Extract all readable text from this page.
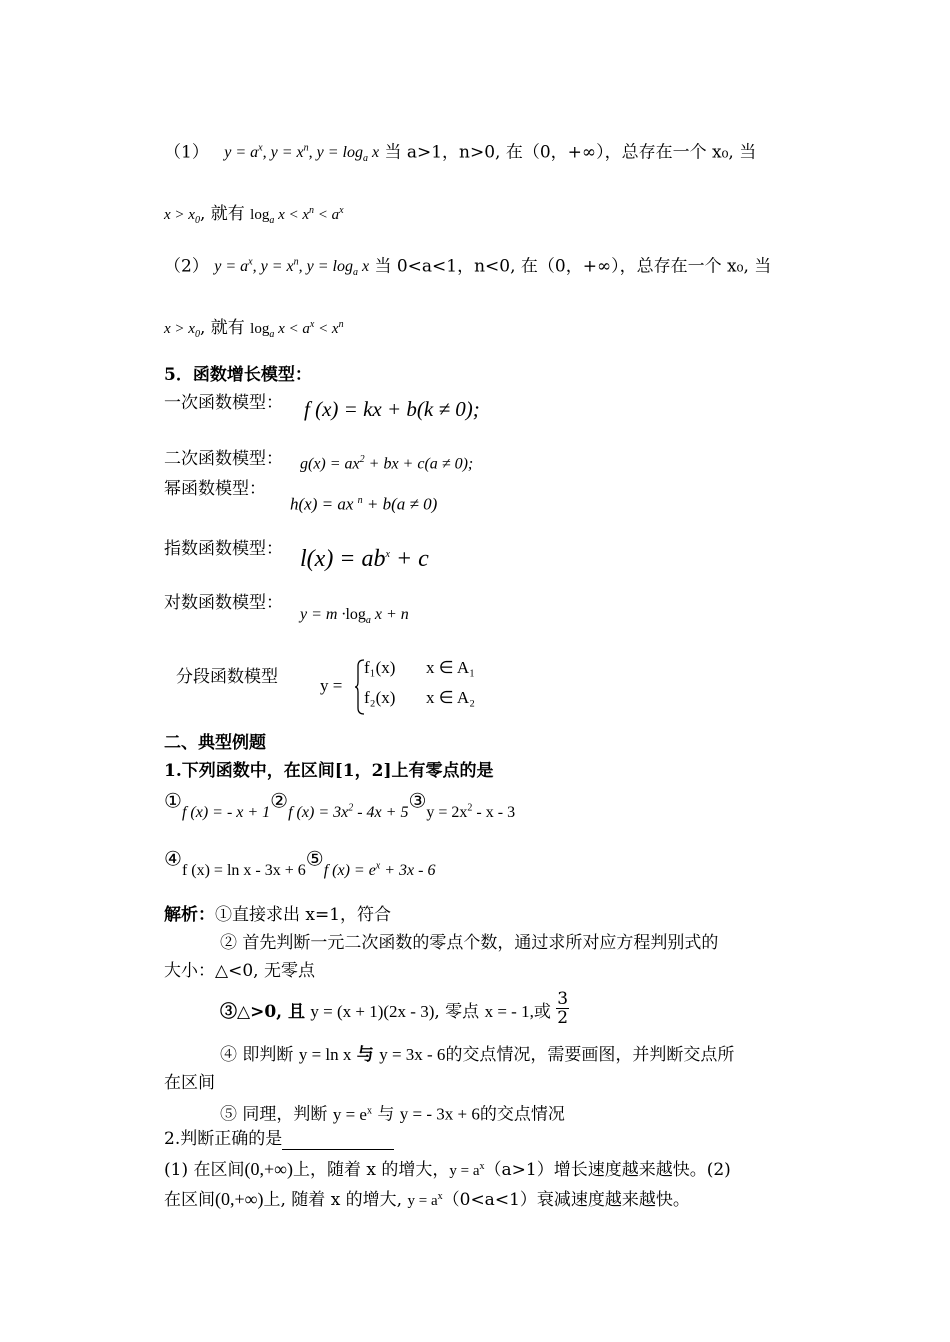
（1） $y = a^x$, $y = x^n$, $y = \log_a x$ 当 a>1，n>0, 在（0，+∞），总存在一个 x₀, 当
$x > x_0$, 就有 $\log_a x < x^n < a^x$
（2） $y = a^x$, $y = x^n$, $y = \log_a x$ 当 0<a<1，n<0, 在（0，+∞），总存在一个 x₀, 当
$x > x_0$, 就有 $\log_a x < a^x < x^n$
5．函数增长模型：
一次函数模型： f (x) = kx + b(k ≠ 0);
二次函数模型： $g(x) = ax^2$ + bx + c(a ≠ 0);
幂函数模型：
h(x) = ax $^n$ + b(a ≠ 0)
指数函数模型： $l(x) = ab^x + c$
对数函数模型：
$y = m \cdot\log_a$ x + n
分段函数模型 y =
f₁(x) x ∈ A₁
f₂(x) x ∈ A₂
二、典型例题
1.下列函数中，在区间[1，2]上有零点的是
$①_{f (x) = - x + 1}②_{f (x) = 3x^2 - 4x + 5}③_{y = 2x^2 - x - 3}$
$④_{f (x) = ln x - 3x + 6}⑤_{f (x) = e^x + 3x - 6}$
解析：①直接求出 x=1，符合
② 首先判断一元二次函数的零点个数，通过求所对应方程判别式的
大小：△<0, 无零点
③△>0, 且 y = (x + 1)(2x - 3), 零点 x = - 1,或 $\frac{3}{2}$
④ 即判断 y = ln x 与 y = 3x - 6的交点情况，需要画图，并判断交点所
在区间
⑤ 同理，判断 $y = e^x$ 与 y = - 3x + 6的交点情况
2.判断正确的是
(1) 在区间(0,+∞)上，随着 x 的增大，$y = a^x(a>1)$增长速度越来越快。(2)
在区间(0,+∞)上, 随着 x 的增大, $y = a^x(0<a<1)$衰减速度越来越快。
